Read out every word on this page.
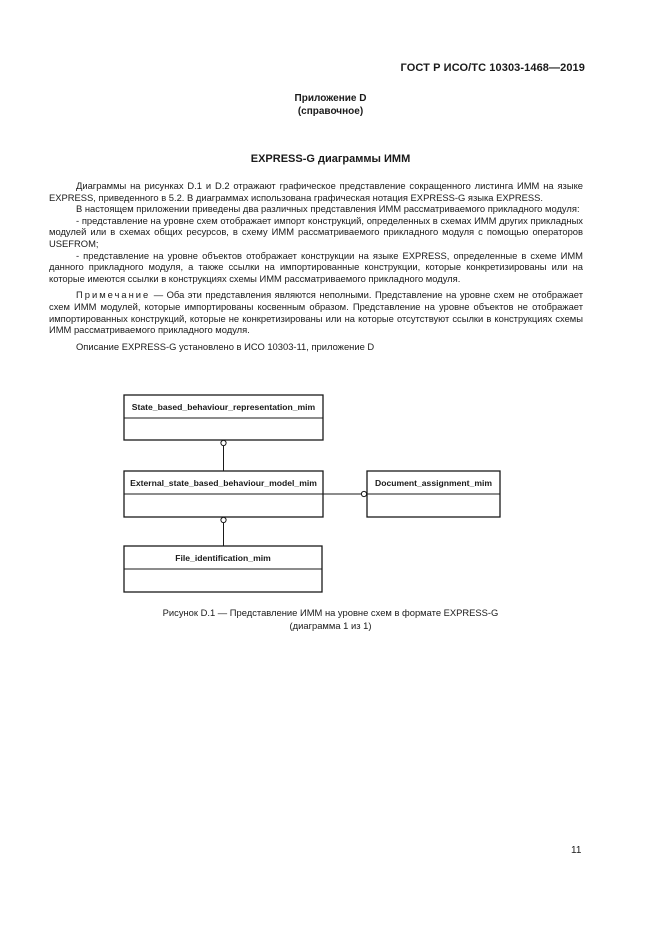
ГОСТ Р ИСО/ТС 10303-1468—2019
Приложение D
(справочное)
EXPRESS-G диаграммы ИММ

Диаграммы на рисунках D.1 и D.2 отражают графическое представление сокращенного листинга ИММ на языке EXPRESS, приведенного в 5.2. В диаграммах использована графическая нотация EXPRESS-G языка EXPRESS.

В настоящем приложении приведены два различных представления ИММ рассматриваемого прикладного модуля:

- представление на уровне схем отображает импорт конструкций, определенных в схемах ИММ других прикладных модулей или в схемах общих ресурсов, в схему ИММ рассматриваемого прикладного модуля с помощью операторов USEFROM;

- представление на уровне объектов отображает конструкции на языке EXPRESS, определенные в схеме ИММ данного прикладного модуля, а также ссылки на импортированные конструкции, которые конкретизированы или на которые имеются ссылки в конструкциях схемы ИММ рассматриваемого прикладного модуля.

Примечание — Оба эти представления являются неполными. Представление на уровне схем не отображает схем ИММ модулей, которые импортированы косвенным образом. Представление на уровне объектов не отображает импортированных конструкций, которые не конкретизированы или на которые отсутствуют ссылки в конструкциях схемы ИММ рассматриваемого прикладного модуля.

Описание EXPRESS-G установлено в ИСО 10303-11, приложение D

State_based_behaviour_representation_mim
External_state_based_behaviour_model_mim	Document_assignment_mim
File_identification_mim
Рисунок D.1 — Представление ИММ на уровне схем в формате EXPRESS-G
(диаграмма 1 из 1)
11
